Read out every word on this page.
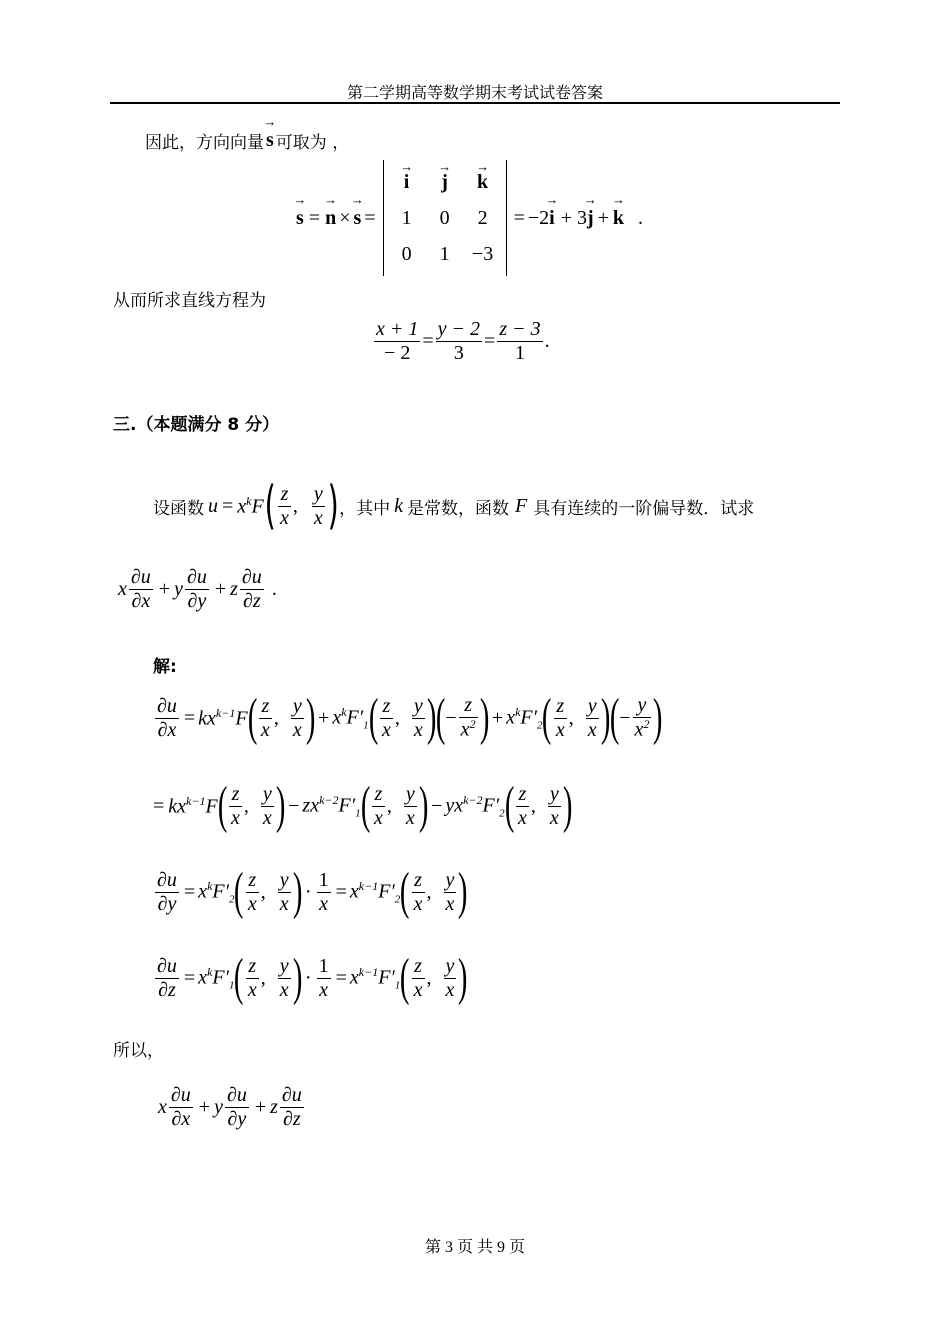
第二学期高等数学期末考试试卷答案
因此，方向向量 → s 可取为 ，
→ s = → n × → s =
→ i	→ j	→ k
1	0	2
0	1	−3
= −2 → i + 3 → j + → k .
从而所求直线方程为
$\frac{x + 1}{- 2} = \frac{y - 2}{3} = \frac{z - 3}{1}$ .
三.（本题满分 8 分）
设函数 $u = x^kF$ ( $\frac{z}{x}$ , $\frac{y}{x}$ ) ，其中 k 是常数，函数 F 具有连续的一阶偏导数．试求
x $\frac{\partial u}{\partial x} + y \frac{\partial u}{\partial y} + z \frac{\partial u}{\partial z}$ .
解:
$\frac{\partial u}{\partial x} = kx^{k-1}F$ ( $\frac{z}{x}$ , $\frac{y}{x}$ ) + $x^kF'_1$ ( $\frac{z}{x}$ , $\frac{y}{x}$ ) ( − $\frac{z}{x^2}$ ) + $x^kF'_2$ ( $\frac{z}{x}$ , $\frac{y}{x}$ ) ( − $\frac{y}{x^2}$ )
= $kx^{k-1}F$ ( $\frac{z}{x}$ , $\frac{y}{x}$ ) − $zx^{k-2}F'_1$ ( $\frac{z}{x}$ , $\frac{y}{x}$ ) − $yx^{k-2}F'_2$ ( $\frac{z}{x}$ , $\frac{y}{x}$ )
$\frac{\partial u}{\partial y} = x^kF'_2$ ( $\frac{z}{x}$ , $\frac{y}{x}$ ) · $\frac{1}{x} = x^{k-1}F'_2$ ( $\frac{z}{x}$ , $\frac{y}{x}$ )
$\frac{\partial u}{\partial z} = x^kF'_1$ ( $\frac{z}{x}$ , $\frac{y}{x}$ ) · $\frac{1}{x} = x^{k-1}F'_1$ ( $\frac{z}{x}$ , $\frac{y}{x}$ )
所以，
x $\frac{\partial u}{\partial x} + y \frac{\partial u}{\partial y} + z \frac{\partial u}{\partial z}$
第 3 页 共 9 页
